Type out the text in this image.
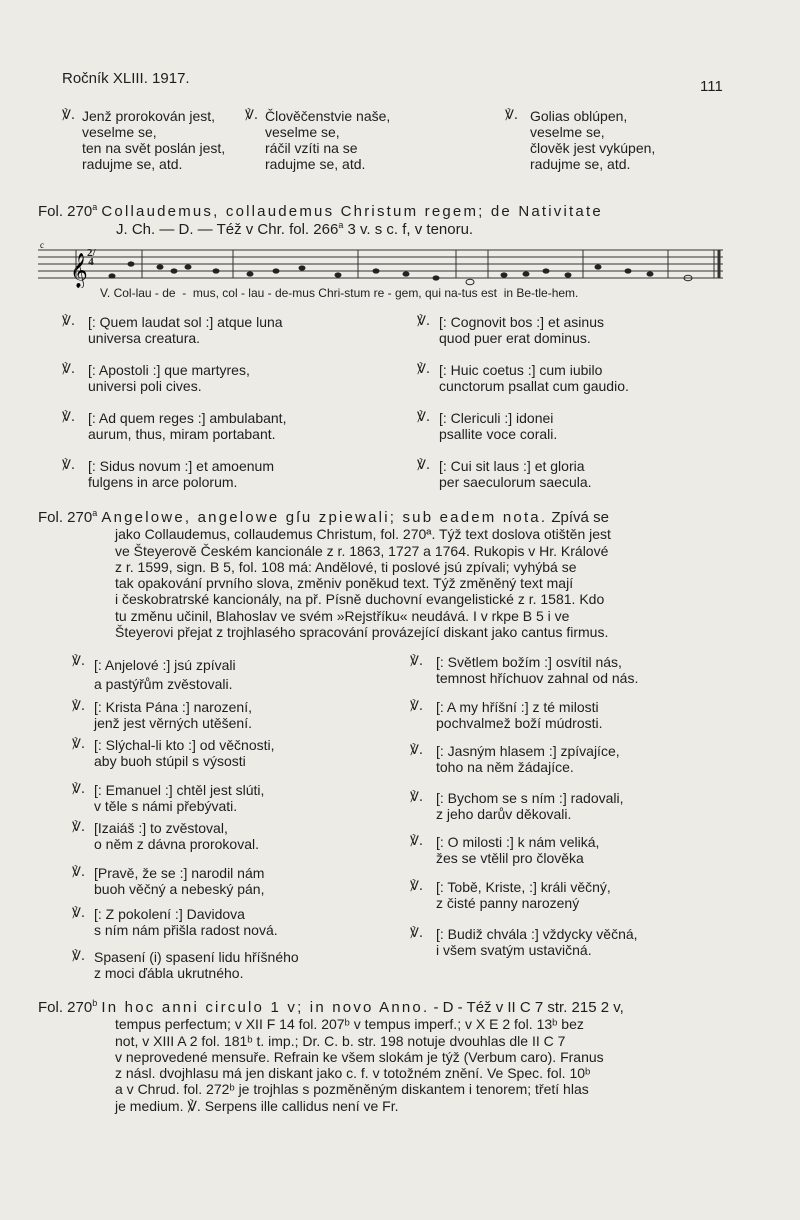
Ročník XLIII. 1917.	111
℣. Jenž prorokován jest,
veselme se,
ten na svět poslán jest,
radujme se, atd.
℣. Člověčenstvie naše,
veselme se,
ráčil vzíti na se
radujme se, atd.
℣. Golias oblúpen,
veselme se,
člověk jest vykúpen,
radujme se, atd.
Fol. 270$^a$ Collaudemus, collaudemus Christum regem; de Nativitate
J. Ch. — D. — Též v Chr. fol. 266$^a$ 3 v. s c. f, v tenoru.
c
𝄞 2/4
V. Col-lau - de  -  mus, col - lau - de-mus Chri-stum re - gem, qui na-tus est  in Be-tle-hem.
℣. [: Quem laudat sol :] atque luna
universa creatura.
℣. [: Apostoli :] que martyres,
universi poli cives.
℣. [: Ad quem reges :] ambulabant,
aurum, thus, miram portabant.
℣. [: Sidus novum :] et amoenum
fulgens in arce polorum.
℣. [: Cognovit bos :] et asinus
quod puer erat dominus.
℣. [: Huic coetus :] cum iubilo
cunctorum psallat cum gaudio.
℣. [: Clericuli :] idonei
psallite voce corali.
℣. [: Cui sit laus :] et gloria
per saeculorum saecula.
Fol. 270$^a$ Angelowe, angelowe gſu zpiewali; sub eadem nota. Zpívá se
jako Collaudemus, collaudemus Christum, fol. 270ª. Týž text doslova otištěn jest
ve Šteyerově Českém kancionále z r. 1863, 1727 a 1764. Rukopis v Hr. Králové
z r. 1599, sign. B 5, fol. 108 má: Andělové, ti poslové jsú zpívali; vyhýbá se
tak opakování prvního slova, změniv poněkud text. Týž změněný text mají
i českobratrské kancionály, na př. Písně duchovní evangelistické z r. 1581. Kdo
tu změnu učinil, Blahoslav ve svém »Rejstříku« neudává. I v rkpe B 5 i ve
Šteyerovi přejat z trojhlasého spracování provázející diskant jako cantus firmus.
℣. [: Anjelové :] jsú zpívali
a pastýřům zvěstovali.
℣. [: Krista Pána :] narození,
jenž jest věrných utěšení.
℣. [: Slýchal-li kto :] od věčnosti,
aby buoh stúpil s výsosti
℣. [: Emanuel :] chtěl jest slúti,
v těle s námi přebývati.
℣. [Izaiáš :] to zvěstoval,
o něm z dávna prorokoval.
℣. [Pravě, že se :] narodil nám
buoh věčný a nebeský pán,
℣. [: Z pokolení :] Davidova
s ním nám přišla radost nová.
℣. Spasení (i) spasení lidu hříšného
z moci ďábla ukrutného.
℣. [: Světlem božím :] osvítil nás,
temnost hříchuov zahnal od nás.
℣. [: A my hříšní :] z té milosti
pochvalmež boží múdrosti.
℣. [: Jasným hlasem :] zpívajíce,
toho na něm žádajíce.
℣. [: Bychom se s ním :] radovali,
z jeho darův děkovali.
℣. [: O milosti :] k nám veliká,
žes se vtělil pro člověka
℣. [: Tobě, Kriste, :] králi věčný,
z čisté panny narozený
℣. [: Budiž chvála :] vždycky věčná,
i všem svatým ustavičná.
Fol. 270$^b$ In hoc anni circulo 1 v; in novo Anno. - D - Též v II C 7 str. 215 2 v,
tempus perfectum; v XII F 14 fol. 207ᵇ v tempus imperf.; v X E 2 fol. 13ᵇ bez
not, v XIII A 2 fol. 181ᵇ t. imp.; Dr. C. b. str. 198 notuje dvouhlas dle II C 7
v neprovedené mensuře. Refrain ke všem slokám je týž (Verbum caro). Franus
z násl. dvojhlasu má jen diskant jako c. f. v totožném znění. Ve Spec. fol. 10ᵇ
a v Chrud. fol. 272ᵇ je trojhlas s pozměněným diskantem i tenorem; třetí hlas
je medium. ℣. Serpens ille callidus není ve Fr.
